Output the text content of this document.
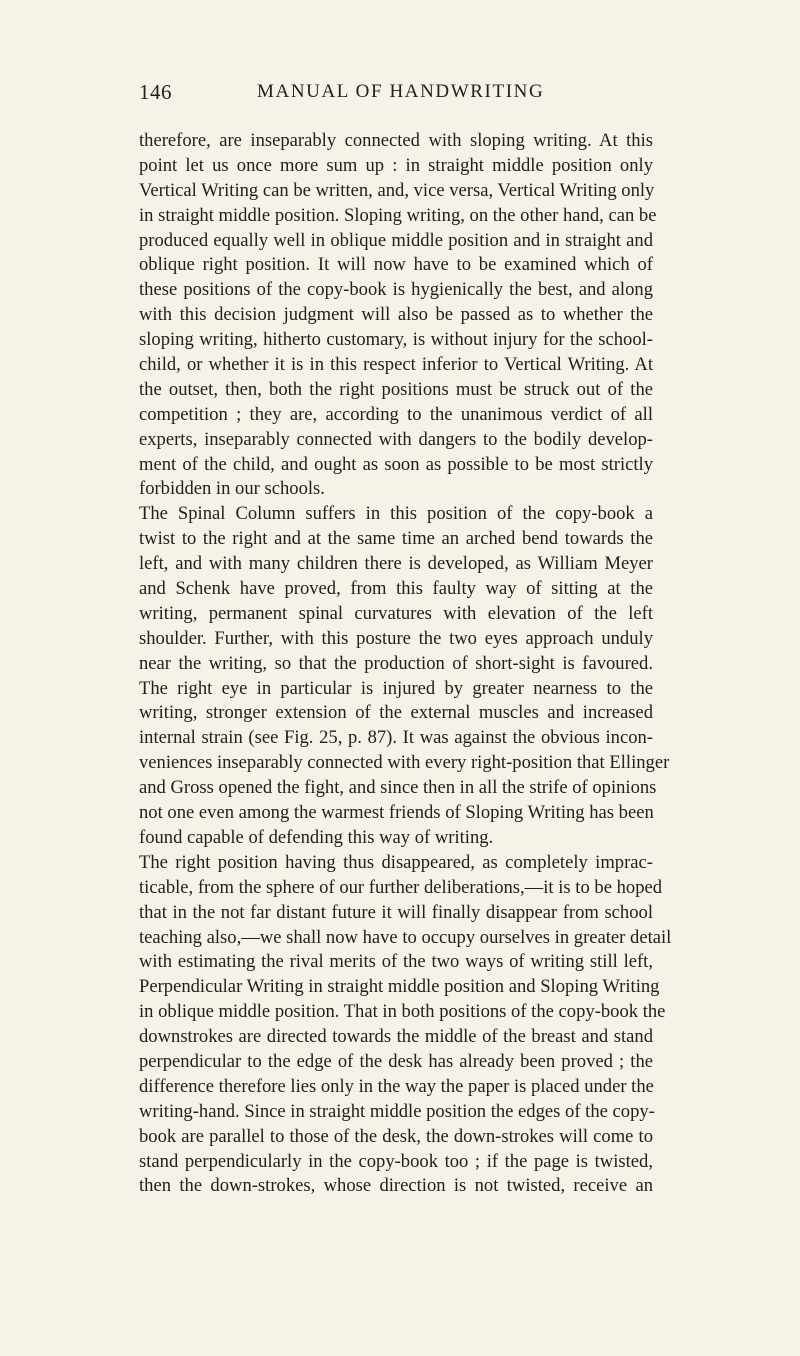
146	MANUAL OF HANDWRITING
therefore, are inseparably connected with sloping writing. At this
point let us once more sum up : in straight middle position only
Vertical Writing can be written, and, vice versa, Vertical Writing only
in straight middle position. Sloping writing, on the other hand, can be
produced equally well in oblique middle position and in straight and
oblique right position. It will now have to be examined which of
these positions of the copy-book is hygienically the best, and along
with this decision judgment will also be passed as to whether the
sloping writing, hitherto customary, is without injury for the school-
child, or whether it is in this respect inferior to Vertical Writing. At
the outset, then, both the right positions must be struck out of the
competition ; they are, according to the unanimous verdict of all
experts, inseparably connected with dangers to the bodily develop-
ment of the child, and ought as soon as possible to be most strictly
forbidden in our schools.
The Spinal Column suffers in this position of the copy-book a
twist to the right and at the same time an arched bend towards the
left, and with many children there is developed, as William Meyer
and Schenk have proved, from this faulty way of sitting at the
writing, permanent spinal curvatures with elevation of the left
shoulder. Further, with this posture the two eyes approach unduly
near the writing, so that the production of short-sight is favoured.
The right eye in particular is injured by greater nearness to the
writing, stronger extension of the external muscles and increased
internal strain (see Fig. 25, p. 87). It was against the obvious incon-
veniences inseparably connected with every right-position that Ellinger
and Gross opened the fight, and since then in all the strife of opinions
not one even among the warmest friends of Sloping Writing has been
found capable of defending this way of writing.
The right position having thus disappeared, as completely imprac-
ticable, from the sphere of our further deliberations,—it is to be hoped
that in the not far distant future it will finally disappear from school
teaching also,—we shall now have to occupy ourselves in greater detail
with estimating the rival merits of the two ways of writing still left,
Perpendicular Writing in straight middle position and Sloping Writing
in oblique middle position. That in both positions of the copy-book the
downstrokes are directed towards the middle of the breast and stand
perpendicular to the edge of the desk has already been proved ; the
difference therefore lies only in the way the paper is placed under the
writing-hand. Since in straight middle position the edges of the copy-
book are parallel to those of the desk, the down-strokes will come to
stand perpendicularly in the copy-book too ; if the page is twisted,
then the down-strokes, whose direction is not twisted, receive an
